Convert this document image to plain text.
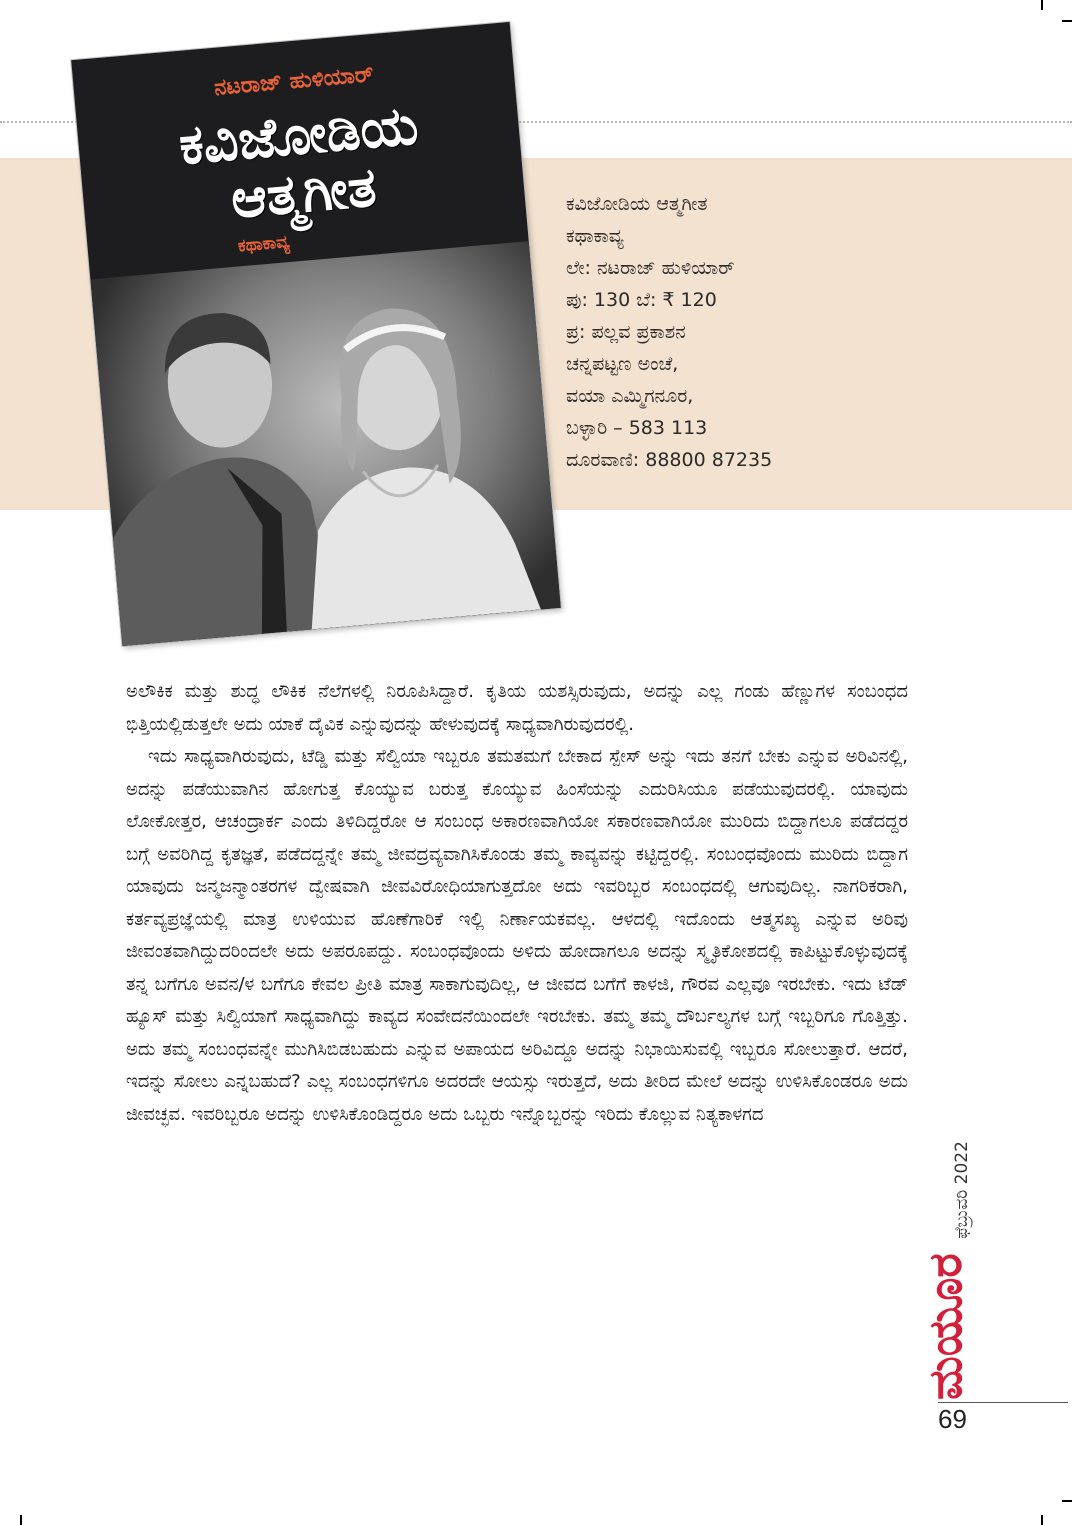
ನಟರಾಜ್ ಹುಳಿಯಾರ್
ಕವಿಜೋಡಿಯ
ಆತ್ಮಗೀತ
ಕಥಾಕಾವ್ಯ
ಕವಿಜೋಡಿಯ ಆತ್ಮಗೀತ
ಕಥಾಕಾವ್ಯ
ಲೇ: ನಟರಾಜ್ ಹುಳಿಯಾರ್
ಪು: 130 ಬೆ: ₹ 120
ಪ್ರ: ಪಲ್ಲವ ಪ್ರಕಾಶನ
ಚನ್ನಪಟ್ಟಣ ಅಂಚೆ,
ವಯಾ ಎಮ್ಮಿಗನೂರ,
ಬಳ್ಳಾರಿ – 583 113
ದೂರವಾಣಿ: 88800 87235

ಅಲೌಕಿಕ ಮತ್ತು ಶುದ್ಧ ಲೌಕಿಕ ನೆಲೆಗಳಲ್ಲಿ ನಿರೂಪಿಸಿದ್ದಾರೆ. ಕೃತಿಯ ಯಶಸ್ಸಿರುವುದು, ಅದನ್ನು ಎಲ್ಲ ಗಂಡು ಹೆಣ್ಣುಗಳ ಸಂಬಂಧದ ಭಿತ್ತಿಯಲ್ಲಿಡುತ್ತಲೇ ಅದು ಯಾಕೆ ದೈವಿಕ ಎನ್ನುವುದನ್ನು ಹೇಳುವುದಕ್ಕೆ ಸಾಧ್ಯವಾಗಿರುವುದರಲ್ಲಿ.

ಇದು ಸಾಧ್ಯವಾಗಿರುವುದು, ಟೆಡ್ಡಿ ಮತ್ತು ಸೆಲ್ವಿಯಾ ಇಬ್ಬರೂ ತಮತಮಗೆ ಬೇಕಾದ ಸ್ಪೇಸ್ ಅನ್ನು ಇದು ತನಗೆ ಬೇಕು ಎನ್ನುವ ಅರಿವಿನಲ್ಲಿ, ಅದನ್ನು ಪಡೆಯುವಾಗಿನ ಹೋಗುತ್ತ ಕೊಯ್ಯುವ ಬರುತ್ತ ಕೊಯ್ಯುವ ಹಿಂಸೆಯನ್ನು ಎದುರಿಸಿಯೂ ಪಡೆಯುವುದರಲ್ಲಿ. ಯಾವುದು ಲೋಕೋತ್ತರ, ಆಚಂದ್ರಾರ್ಕ ಎಂದು ತಿಳಿದಿದ್ದರೋ ಆ ಸಂಬಂಧ ಅಕಾರಣವಾಗಿಯೋ ಸಕಾರಣವಾಗಿಯೋ ಮುರಿದು ಬಿದ್ದಾಗಲೂ ಪಡೆದದ್ದರ ಬಗ್ಗೆ ಅವರಿಗಿದ್ದ ಕೃತಜ್ಞತೆ, ಪಡೆದದ್ದನ್ನೇ ತಮ್ಮ ಜೀವದ್ರವ್ಯವಾಗಿಸಿಕೊಂಡು ತಮ್ಮ ಕಾವ್ಯವನ್ನು ಕಟ್ಟಿದ್ದರಲ್ಲಿ. ಸಂಬಂಧವೊಂದು ಮುರಿದು ಬಿದ್ದಾಗ ಯಾವುದು ಜನ್ಮಜನ್ಮಾಂತರಗಳ ದ್ವೇಷವಾಗಿ ಜೀವವಿರೋಧಿಯಾಗುತ್ತದೋ ಅದು ಇವರಿಬ್ಬರ ಸಂಬಂಧದಲ್ಲಿ ಆಗುವುದಿಲ್ಲ. ನಾಗರಿಕರಾಗಿ, ಕರ್ತವ್ಯಪ್ರಜ್ಞೆಯಲ್ಲಿ ಮಾತ್ರ ಉಳಿಯುವ ಹೊಣೆಗಾರಿಕೆ ಇಲ್ಲಿ ನಿರ್ಣಾಯಕವಲ್ಲ. ಆಳದಲ್ಲಿ ಇದೊಂದು ಆತ್ಮಸಖ್ಯ ಎನ್ನುವ ಅರಿವು ಜೀವಂತವಾಗಿದ್ದುದರಿಂದಲೇ ಅದು ಅಪರೂಪದ್ದು. ಸಂಬಂಧವೊಂದು ಅಳಿದು ಹೋದಾಗಲೂ ಅದನ್ನು ಸ್ಮೃತಿಕೋಶದಲ್ಲಿ ಕಾಪಿಟ್ಟುಕೊಳ್ಳುವುದಕ್ಕೆ ತನ್ನ ಬಗೆಗೂ ಅವನ/ಳ ಬಗೆಗೂ ಕೇವಲ ಪ್ರೀತಿ ಮಾತ್ರ ಸಾಕಾಗುವುದಿಲ್ಲ, ಆ ಜೀವದ ಬಗೆಗೆ ಕಾಳಜಿ, ಗೌರವ ಎಲ್ಲವೂ ಇರಬೇಕು. ಇದು ಟೆಡ್ ಹ್ಯೂಸ್ ಮತ್ತು ಸಿಲ್ವಿಯಾಗೆ ಸಾಧ್ಯವಾಗಿದ್ದು ಕಾವ್ಯದ ಸಂವೇದನೆಯಿಂದಲೇ ಇರಬೇಕು. ತಮ್ಮ ತಮ್ಮ ದೌರ್ಬಲ್ಯಗಳ ಬಗ್ಗೆ ಇಬ್ಬರಿಗೂ ಗೊತ್ತಿತ್ತು. ಅದು ತಮ್ಮ ಸಂಬಂಧವನ್ನೇ ಮುಗಿಸಿಬಿಡಬಹುದು ಎನ್ನುವ ಅಪಾಯದ ಅರಿವಿದ್ದೂ ಅದನ್ನು ನಿಭಾಯಿಸುವಲ್ಲಿ ಇಬ್ಬರೂ ಸೋಲುತ್ತಾರೆ. ಆದರೆ, ಇದನ್ನು ಸೋಲು ಎನ್ನಬಹುದೆ? ಎಲ್ಲ ಸಂಬಂಧಗಳಿಗೂ ಅದರದೇ ಆಯಸ್ಸು ಇರುತ್ತದೆ, ಅದು ತೀರಿದ ಮೇಲೆ ಅದನ್ನು ಉಳಿಸಿಕೊಂಡರೂ ಅದು ಜೀವಚ್ಛವ. ಇವರಿಬ್ಬರೂ ಅದನ್ನು ಉಳಿಸಿಕೊಂಡಿದ್ದರೂ ಅದು ಒಬ್ಬರು ಇನ್ನೊಬ್ಬರನ್ನು ಇರಿದು ಕೊಲ್ಲುವ ನಿತ್ಯಕಾಳಗದ

ಫೆಬ್ರುವರಿ 2022
ಮಯೂರ
69
